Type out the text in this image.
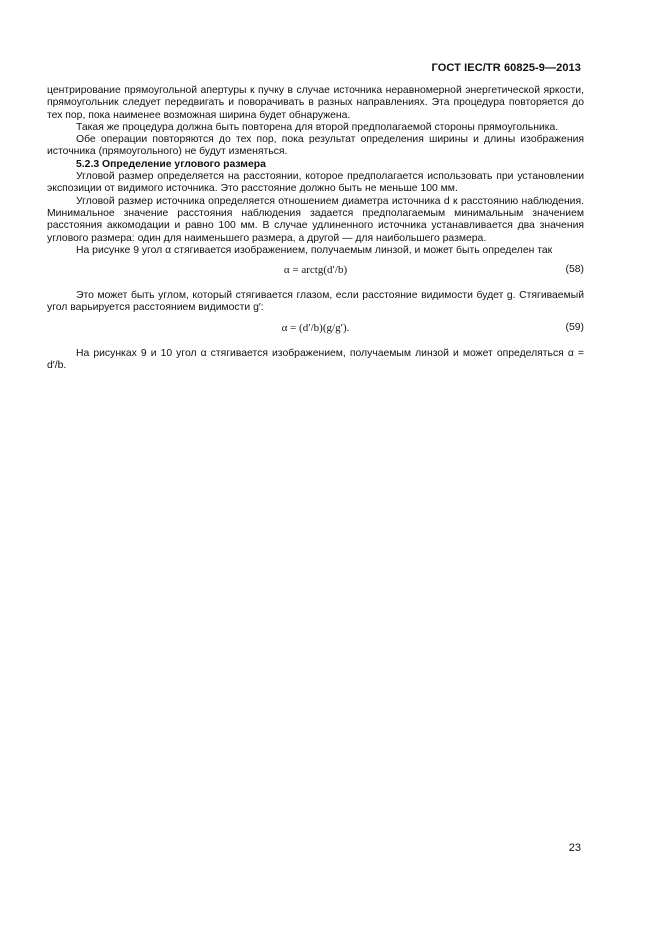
ГОСТ IEC/TR 60825-9—2013

центрирование прямоугольной апертуры к пучку в случае источника неравномерной энергетической яркости, прямоугольник следует передвигать и поворачивать в разных направлениях. Эта процедура повторяется до тех пор, пока наименее возможная ширина будет обнаружена.

Такая же процедура должна быть повторена для второй предполагаемой стороны прямоугольника.

Обе операции повторяются до тех пор, пока результат определения ширины и длины изображения источника (прямоугольного) не будут изменяться.

5.2.3 Определение углового размера

Угловой размер определяется на расстоянии, которое предполагается использовать при установлении экспозиции от видимого источника. Это расстояние должно быть не меньше 100 мм.

Угловой размер источника определяется отношением диаметра источника d к расстоянию наблюдения. Минимальное значение расстояния наблюдения задается предполагаемым минимальным значением расстояния аккомодации и равно 100 мм. В случае удлиненного источника устанавливается два значения углового размера: один для наименьшего размера, а другой — для наибольшего размера.

На рисунке 9 угол α стягивается изображением, получаемым линзой, и может быть определен так

α = arctg(d′/b)	(58)

Это может быть углом, который стягивается глазом, если расстояние видимости будет g. Стягиваемый угол варьируется расстоянием видимости g′:

α = (d′/b)(g/g′).	(59)

На рисунках 9 и 10 угол α стягивается изображением, получаемым линзой и может определяться α = d′/b.

23
